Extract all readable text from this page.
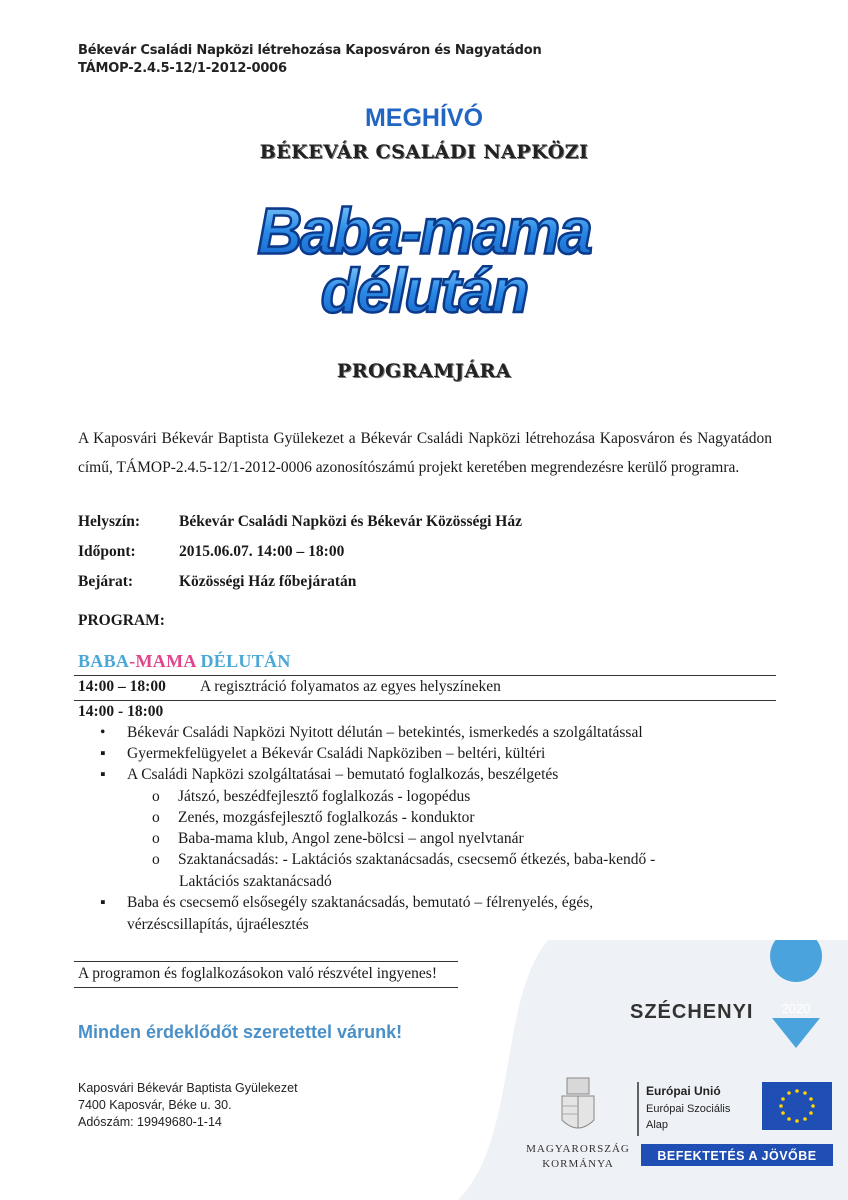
Békevár Családi Napközi létrehozása Kaposváron és Nagyatádon
TÁMOP-2.4.5-12/1-2012-0006
MEGHÍVÓ
BÉKEVÁR CSALÁDI NAPKÖZI
Baba-mama
délután
PROGRAMJÁRA
A Kaposvári Békevár Baptista Gyülekezet a Békevár Családi Napközi létrehozása Kaposváron és Nagyatádon című, TÁMOP-2.4.5-12/1-2012-0006 azonosítószámú projekt keretében megrendezésre kerülő programra.
Helyszín:	Békevár Családi Napközi és Békevár Közösségi Ház
Időpont:	2015.06.07. 14:00 – 18:00
Bejárat:	Közösségi Ház főbejáratán
PROGRAM:
BABA-MAMA DÉLUTÁN
14:00 – 18:00 A regisztráció folyamatos az egyes helyszíneken
14:00 - 18:00
•	Békevár Családi Napközi Nyitott délután – betekintés, ismerkedés a szolgáltatással
▪	Gyermekfelügyelet a Békevár Családi Napköziben – beltéri, kültéri
▪	A Családi Napközi szolgáltatásai – bemutató foglalkozás, beszélgetés
o	Játszó, beszédfejlesztő foglalkozás - logopédus
o	Zenés, mozgásfejlesztő foglalkozás - konduktor
o	Baba-mama klub, Angol zene-bölcsi – angol nyelvtanár
o	Szaktanácsadás: - Laktációs szaktanácsadás, csecsemő étkezés, baba-kendő -
Laktációs szaktanácsadó
▪	Baba és csecsemő elsősegély szaktanácsadás, bemutató – félrenyelés, égés,
vérzéscsillapítás, újraélesztés
A programon és foglalkozásokon való részvétel ingyenes!
Minden érdeklődőt szeretettel várunk!
Kaposvári Békevár Baptista Gyülekezet
7400 Kaposvár, Béke u. 30.
Adószám: 19949680-1-14
SZÉCHENYI 2020
MAGYARORSZÁG
KORMÁNYA
Európai Unió
Európai Szociális
Alap
BEFEKTETÉS A JÖVŐBE
